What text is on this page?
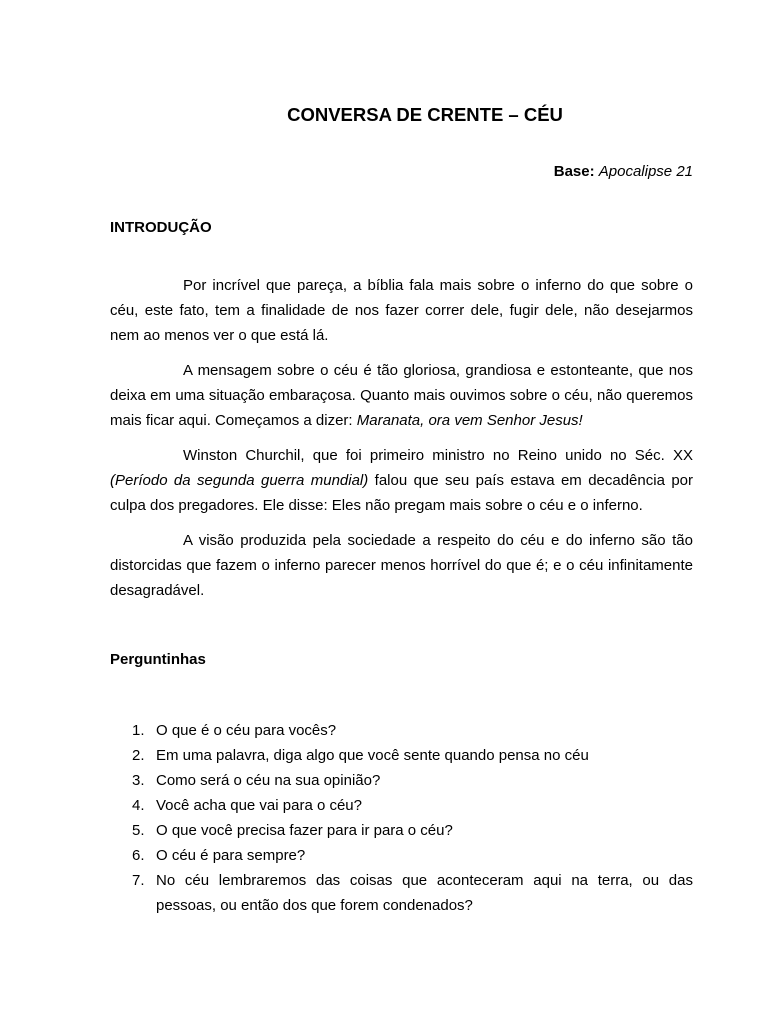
CONVERSA DE CRENTE – CÉU

Base: Apocalipse 21

INTRODUÇÃO

Por incrível que pareça, a bíblia fala mais sobre o inferno do que sobre o céu, este fato, tem a finalidade de nos fazer correr dele, fugir dele, não desejarmos nem ao menos ver o que está lá.

A mensagem sobre o céu é tão gloriosa, grandiosa e estonteante, que nos deixa em uma situação embaraçosa. Quanto mais ouvimos sobre o céu, não queremos mais ficar aqui. Começamos a dizer: Maranata, ora vem Senhor Jesus!

Winston Churchil, que foi primeiro ministro no Reino unido no Séc. XX (Período da segunda guerra mundial) falou que seu país estava em decadência por culpa dos pregadores. Ele disse: Eles não pregam mais sobre o céu e o inferno.

A visão produzida pela sociedade a respeito do céu e do inferno são tão distorcidas que fazem o inferno parecer menos horrível do que é; e o céu infinitamente desagradável.

Perguntinhas
1. O que é o céu para vocês?
2. Em uma palavra, diga algo que você sente quando pensa no céu
3. Como será o céu na sua opinião?
4. Você acha que vai para o céu?
5. O que você precisa fazer para ir para o céu?
6. O céu é para sempre?
7. No céu lembraremos das coisas que aconteceram aqui na terra, ou das pessoas, ou então dos que forem condenados?
